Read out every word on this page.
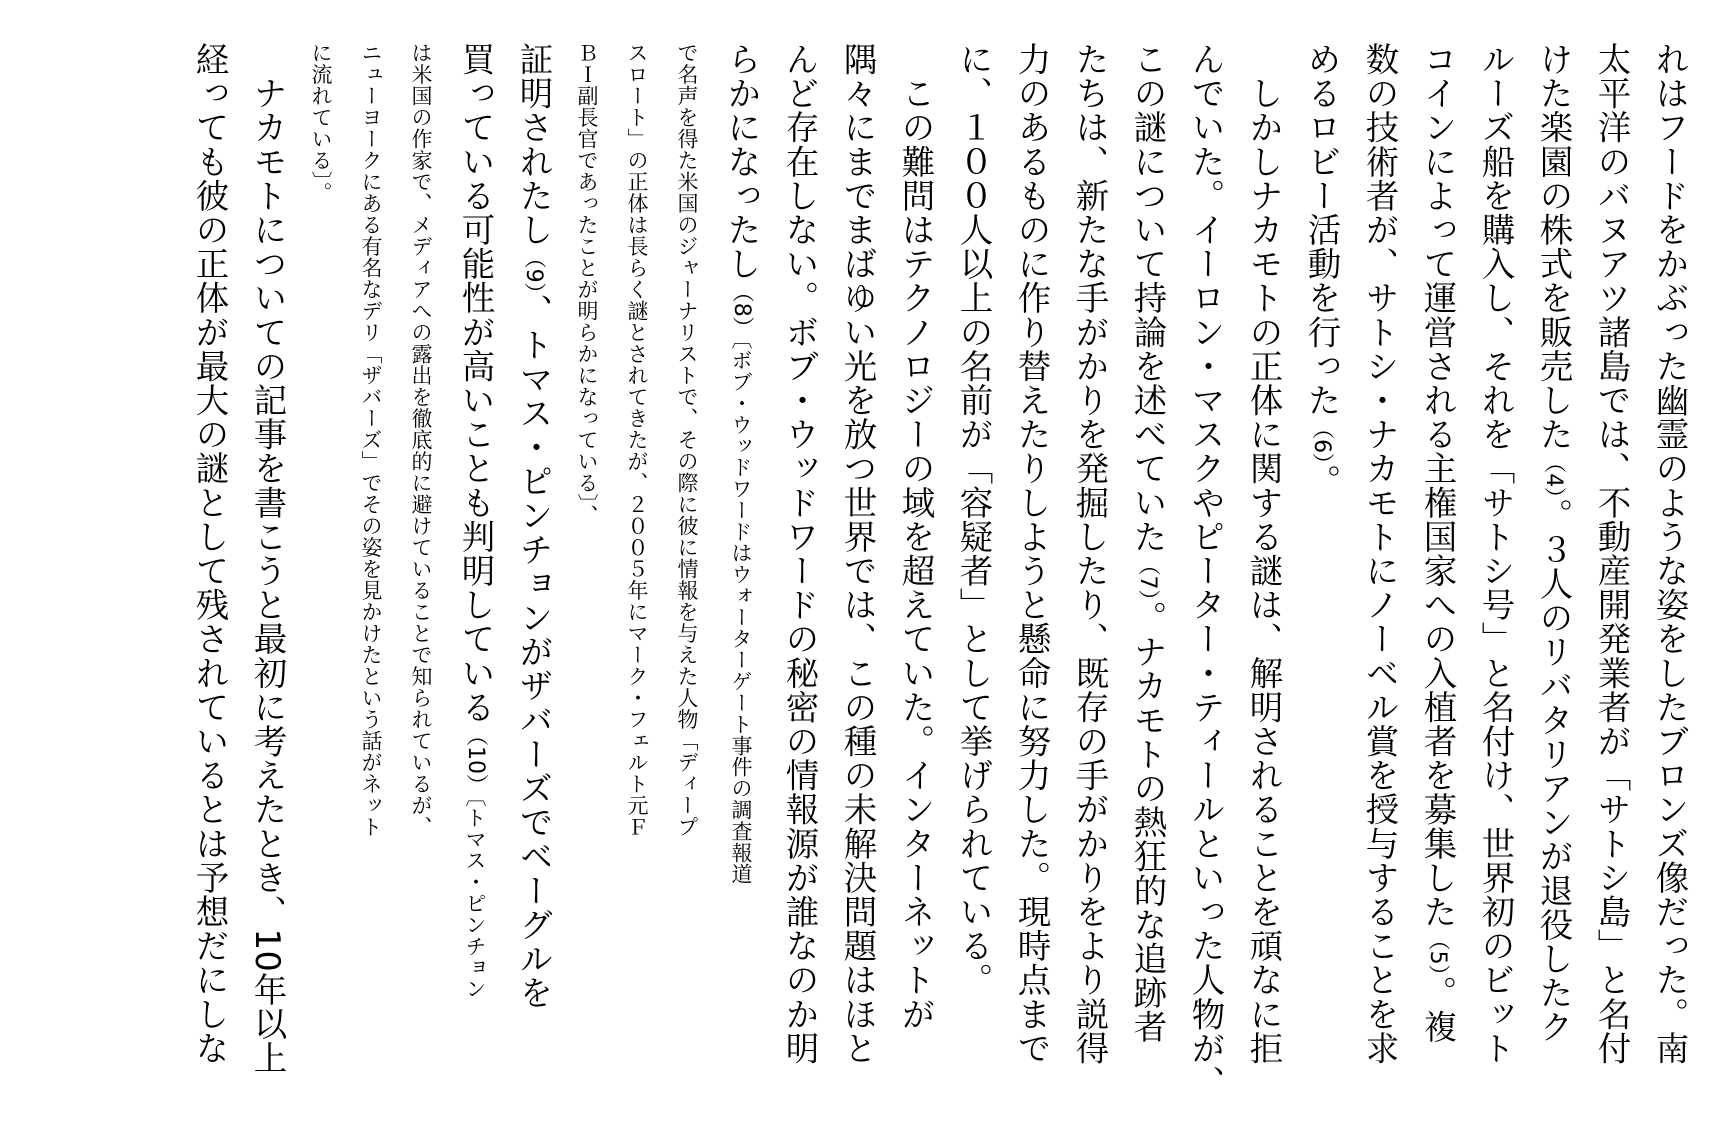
れはフードをかぶった幽霊のような姿をしたブロンズ像だった。南
太平洋のバヌアツ諸島では、不動産開発業者が「サトシ島」と名付
けた楽園の株式を販売した（4）。３人のリバタリアンが退役したク
ルーズ船を購入し、それを「サトシ号」と名付け、世界初のビット
コインによって運営される主権国家への入植者を募集した（5）。複
数の技術者が、サトシ・ナカモトにノーベル賞を授与することを求
めるロビー活動を行った（6）。
　しかしナカモトの正体に関する謎は、解明されることを頑なに拒
んでいた。イーロン・マスクやピーター・ティールといった人物が、
この謎について持論を述べていた（7）。ナカモトの熱狂的な追跡者
たちは、新たな手がかりを発掘したり、既存の手がかりをより説得
力のあるものに作り替えたりしようと懸命に努力した。現時点まで
に、１００人以上の名前が「容疑者」として挙げられている。
　この難問はテクノロジーの域を超えていた。インターネットが
隅々にまでまばゆい光を放つ世界では、この種の未解決問題はほと
んど存在しない。ボブ・ウッドワードの秘密の情報源が誰なのか明
らかになったし（8）〔ボブ・ウッドワードはウォーターゲート事件の調査報道
で名声を得た米国のジャーナリストで、その際に彼に情報を与えた人物「ディープ
スロート」の正体は長らく謎とされてきたが、２００５年にマーク・フェルト元Ｆ
ＢＩ副長官であったことが明らかになっている〕、
証明されたし（9）、トマス・ピンチョンがザバーズでベーグルを
買っている可能性が高いことも判明している（10）〔トマス・ピンチョン
は米国の作家で、メディアへの露出を徹底的に避けていることで知られているが、
ニューヨークにある有名なデリ「ザバーズ」でその姿を見かけたという話がネット
に流れている〕。
　ナカモトについての記事を書こうと最初に考えたとき、10年以上
経っても彼の正体が最大の謎として残されているとは予想だにしな
